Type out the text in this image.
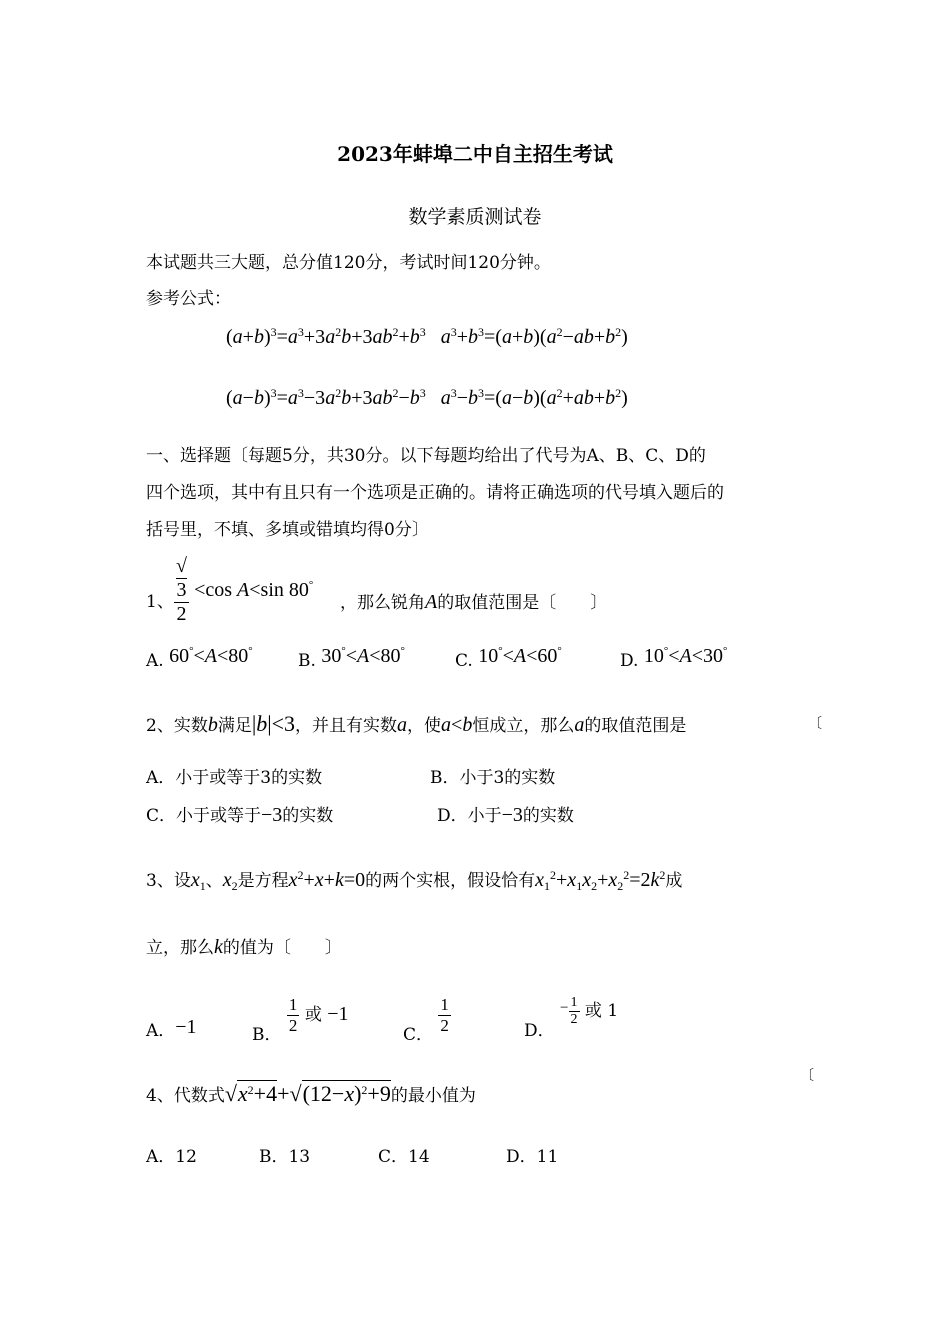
2023年蚌埠二中自主招生考试
数学素质测试卷
本试题共三大题，总分值120分，考试时间120分钟。
参考公式：
$(a+b)^3=a^3+3a^2b+3ab^2+b^3$ $a^3+b^3=(a+b)(a^2-ab+b^2)$
$(a-b)^3=a^3-3a^2b+3ab^2-b^3$ $a^3-b^3=(a-b)(a^2+ab+b^2)$
一、选择题〔每题5分，共30分。以下每题均给出了代号为A、B、C、D的
四个选项，其中有且只有一个选项是正确的。请将正确选项的代号填入题后的
括号里，不填、多填或错填均得0分〕
1、 √
3
2 <cos A<sin 80°
，那么锐角A的取值范围是〔　　〕
A. 60°<A<80°	B. 30°<A<80°	C. 10°<A<60°	D. 10°<A<30°
2、实数b满足|b|<3，并且有实数a，使a<b恒成立，那么a的取值范围是	〔
A．小于或等于3的实数	B．小于3的实数
C．小于或等于−3的实数	D．小于−3的实数
3、设$x_1$、$x_2$是方程$x^2+x+k=0$的两个实根，假设恰有$x_1^2+x_1x_2+x_2^2=2k^2$成
立，那么k的值为〔　　〕
A．−1	B． $\frac{1}{2}$ 或 −1
C． $\frac{1}{2}$	D． − $\frac{1}{2}$ 或 1
4、代数式$√x^2+4+√(12-x)^2+9$的最小值为
〔
A．12	B．13	C．14	D．11
